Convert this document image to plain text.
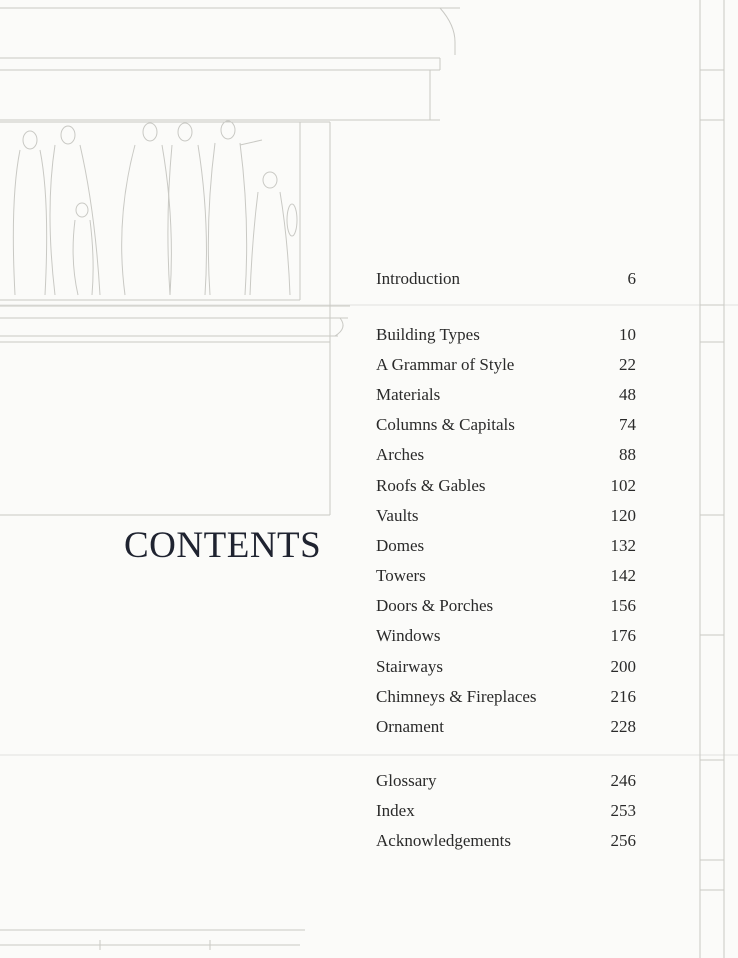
CONTENTS
Introduction	6
Building Types	10
A Grammar of Style	22
Materials	48
Columns & Capitals	74
Arches	88
Roofs & Gables	102
Vaults	120
Domes	132
Towers	142
Doors & Porches	156
Windows	176
Stairways	200
Chimneys & Fireplaces	216
Ornament	228
Glossary	246
Index	253
Acknowledgements	256
